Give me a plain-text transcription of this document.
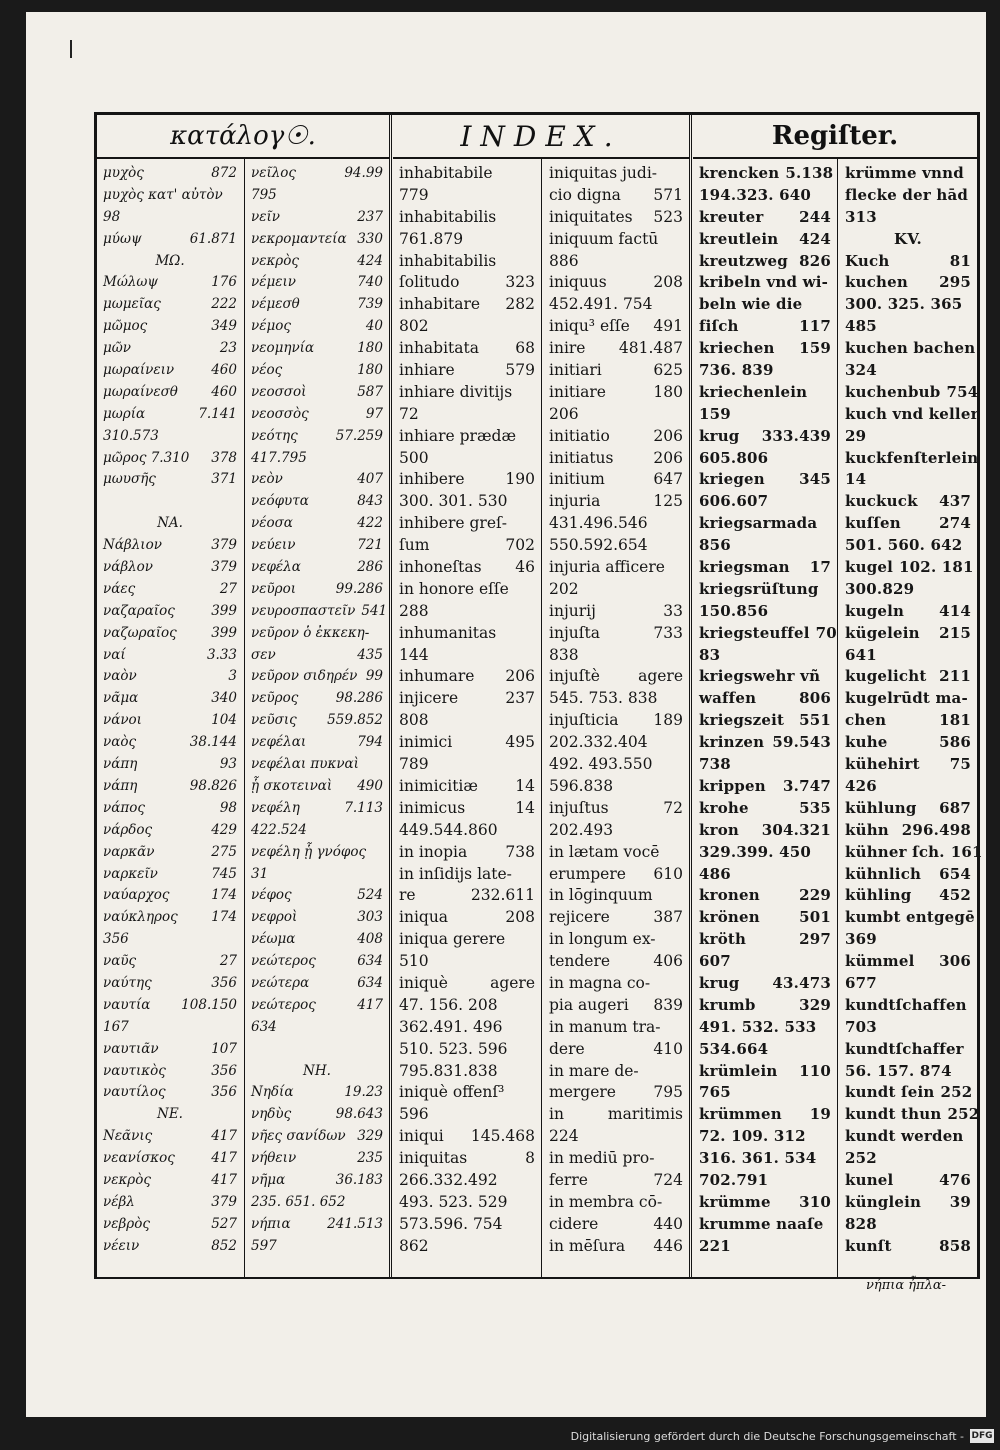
κατάλογ☉.	INDEX.	Regiſter.
μυχὸς	872
μυχὸς κατ' αὐτὸν
98
μύωψ	61.871
ΜΩ.
Μώλωψ	176
μωμεῖας	222
μῶμος	349
μῶν	23
μωραίνειν	460
μωραίνεσθ	460
μωρία	7.141
310.573
μῶρος 7.310	378
μωυσῆς	371
ΝΑ.
Νάβλιον	379
νάβλον	379
νάες	27
ναζαραῖος	399
ναζωραῖος	399
ναί	3.33
ναὸν	3
νᾶμα	340
νάνοι	104
ναὸς	38.144
νάπη	93
νάπη	98.826
νάπος	98
νάρδος	429
ναρκᾶν	275
ναρκεῖν	745
ναύαρχος	174
ναύκληρος	174
356
ναῦς	27
ναύτης	356
ναυτία	108.150
167
ναυτιᾶν	107
ναυτικὸς	356
ναυτίλος	356
ΝΕ.
Νεᾶνις	417
νεανίσκος	417
νεκρὸς	417
νέβλ	379
νεβρὸς	527
νέειν	852
νεῖλος	94.99
795
νεῖν	237
νεκρομαντεία 330
νεκρὸς	424
νέμειν	740
νέμεσθ	739
νέμος	40
νεομηνία	180
νέος	180
νεοσσοὶ	587
νεοσσὸς	97
νεότης	57.259
417.795
νεὸν	407
νεόφυτα	843
νέοσα	422
νεύειν	721
νεφέλα	286
νεῦροι	99.286
νευροσπαστεῖν 541
νεῦρον ὁ ἐκκεκη-
σεν	435
νεῦρον σιδηρέν 99
νεῦρος	98.286
νεῦσις	559.852
νεφέλαι	794
νεφέλαι πυκναὶ
ᾗ σκοτειναὶ	490
νεφέλη	7.113
422.524
νεφέλη ᾗ γνόφος
31
νέφος	524
νεφροὶ	303
νέωμα	408
νεώτερος	634
νεώτερα	634
νεώτερος	417
634
ΝΗ.
Νηδία	19.23
νηδὺς	98.643
νῆες σανίδων 329
νήθειν	235
νῆμα	36.183
235. 651. 652
νήπια	241.513
597
inhabitabile
779
inhabitabilis
761.879
inhabitabilis
ſolitudo	323
inhabitare	282
802
inhabitata	68
inhiare	579
inhiare divitijs
72
inhiare prædæ
500
inhibere	190
300. 301. 530
inhibere greſ-
ſum	702
inhoneſtas	46
in honore eſſe
288
inhumanitas
144
inhumare	206
injicere	237
808
inimici	495
789
inimicitiæ	14
inimicus	14
449.544.860
in inopia	738
in inſidijs late-
re	232.611
iniqua	208
iniqua gerere
510
iniquè	agere
47. 156. 208
362.491. 496
510. 523. 596
795.831.838
iniquè offenſ³
596
iniqui	145.468
iniquitas	8
266.332.492
493. 523. 529
573.596. 754
862
iniquitas judi-
cio digna	571
iniquitates	523
iniquum factū
886
iniquus	208
452.491. 754
iniqu³ eſſe	491
inire	481.487
initiari	625
initiare	180
206
initiatio	206
initiatus	206
initium	647
injuria	125
431.496.546
550.592.654
injuria afficere
202
injurij	33
injuſta	733
838
injuſtè	agere
545. 753. 838
injuſticia	189
202.332.404
492. 493.550
596.838
injuſtus	72
202.493
in lætam vocē
erumpere	610
in lōginquum
rejicere	387
in longum ex-
tendere	406
in magna co-
pia augeri	839
in manum tra-
dere	410
in mare de-
mergere	795
in	maritimis
224
in mediū pro-
ferre	724
in membra cō-
cidere	440
in mēſura	446
krencken 5.138
194.323. 640
kreuter	244
kreutlein	424
kreutzweg 826
kribeln vnd wi-
beln wie die
fiſch	117
kriechen	159
736. 839
kriechenlein
159
krug	333.439
605.806
kriegen	345
606.607
kriegsarmada
856
kriegsman	17
kriegsrüſtung
150.856
kriegsteuffel 70
83
kriegswehr vñ
waffen	806
kriegszeit 551
krinzen 59.543
738
krippen	3.747
krohe	535
kron	304.321
329.399. 450
486
kronen	229
krönen	501
kröth	297
607
krug	43.473
krumb	329
491. 532. 533
534.664
krümlein	110
765
krümmen	19
72. 109. 312
316. 361. 534
702.791
krümme	310
krumme naaſe
221
krümme vnnd
flecke der hād
313
KV.
Kuch	81
kuchen	295
300. 325. 365
485
kuchen bachen
324
kuchenbub 754
kuch vnd keller
29
kuckfenſterlein
14
kuckuck	437
kuſſen	274
501. 560. 642
kugel 102. 181
300.829
kugeln	414
kügelein	215
641
kugelicht 211
kugelrūdt ma-
chen	181
kuhe	586
kühehirt	75
426
kühlung	687
kühn 296.498
kühner ſch. 161
kühnlich	654
kühling	452
kumbt entgegē
369
kümmel	306
677
kundtſchaffen
703
kundtſchaffer
56. 157. 874
kundt ſein 252
kundt thun 252
kundt werden
252
kunel	476
künglein	39
828
kunſt	858
νήπια ἦπλα-
Digitalisierung gefördert durch die Deutsche Forschungsgemeinschaft - DFG
